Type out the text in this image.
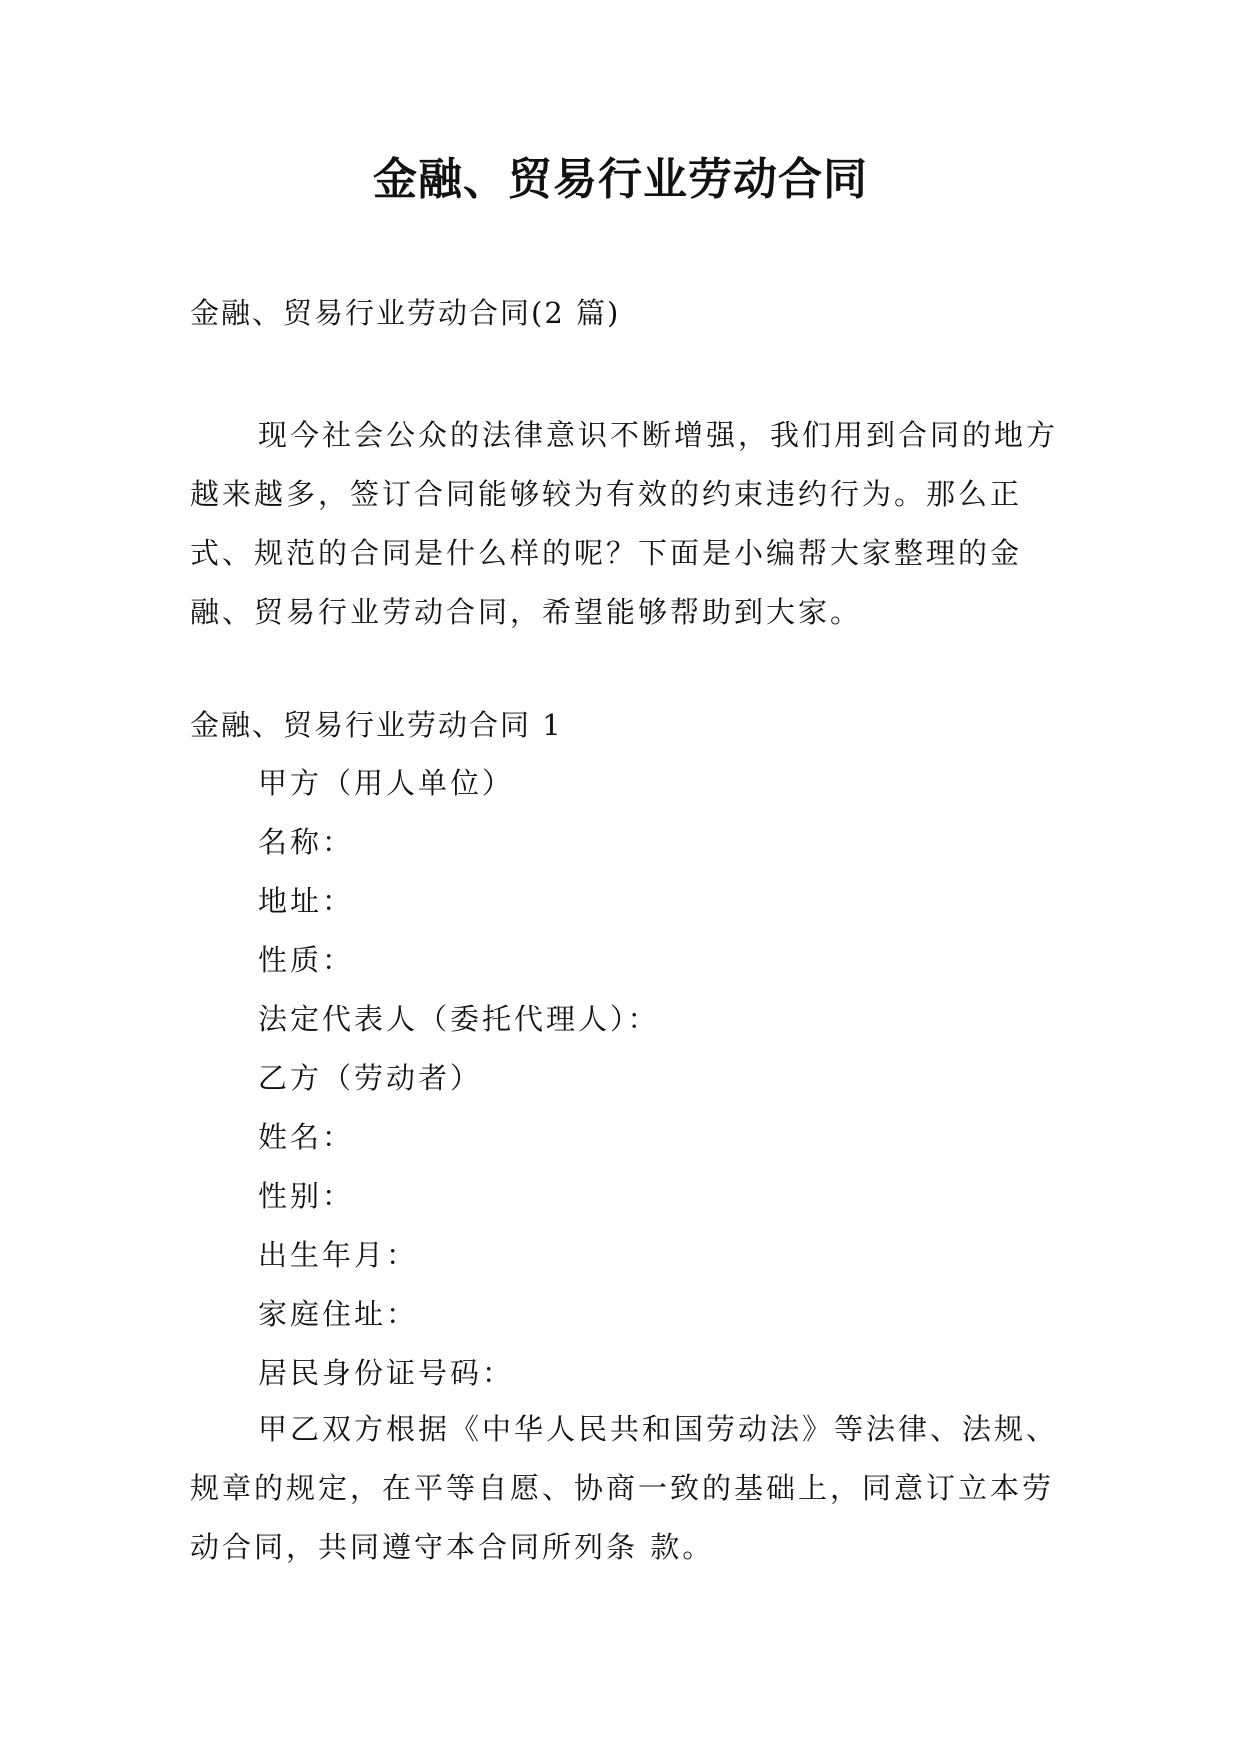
金融、贸易行业劳动合同
金融、贸易行业劳动合同(2 篇)

现今社会公众的法律意识不断增强，我们用到合同的地方越来越多，签订合同能够较为有效的约束违约行为。那么正式、规范的合同是什么样的呢？下面是小编帮大家整理的金融、贸易行业劳动合同，希望能够帮助到大家。

金融、贸易行业劳动合同 1
甲方（用人单位）
名称：
地址：
性质：
法定代表人（委托代理人）：
乙方（劳动者）
姓名：
性别：
出生年月：
家庭住址：
居民身份证号码：

甲乙双方根据《中华人民共和国劳动法》等法律、法规、规章的规定，在平等自愿、协商一致的基础上，同意订立本劳动合同，共同遵守本合同所列条 款。
